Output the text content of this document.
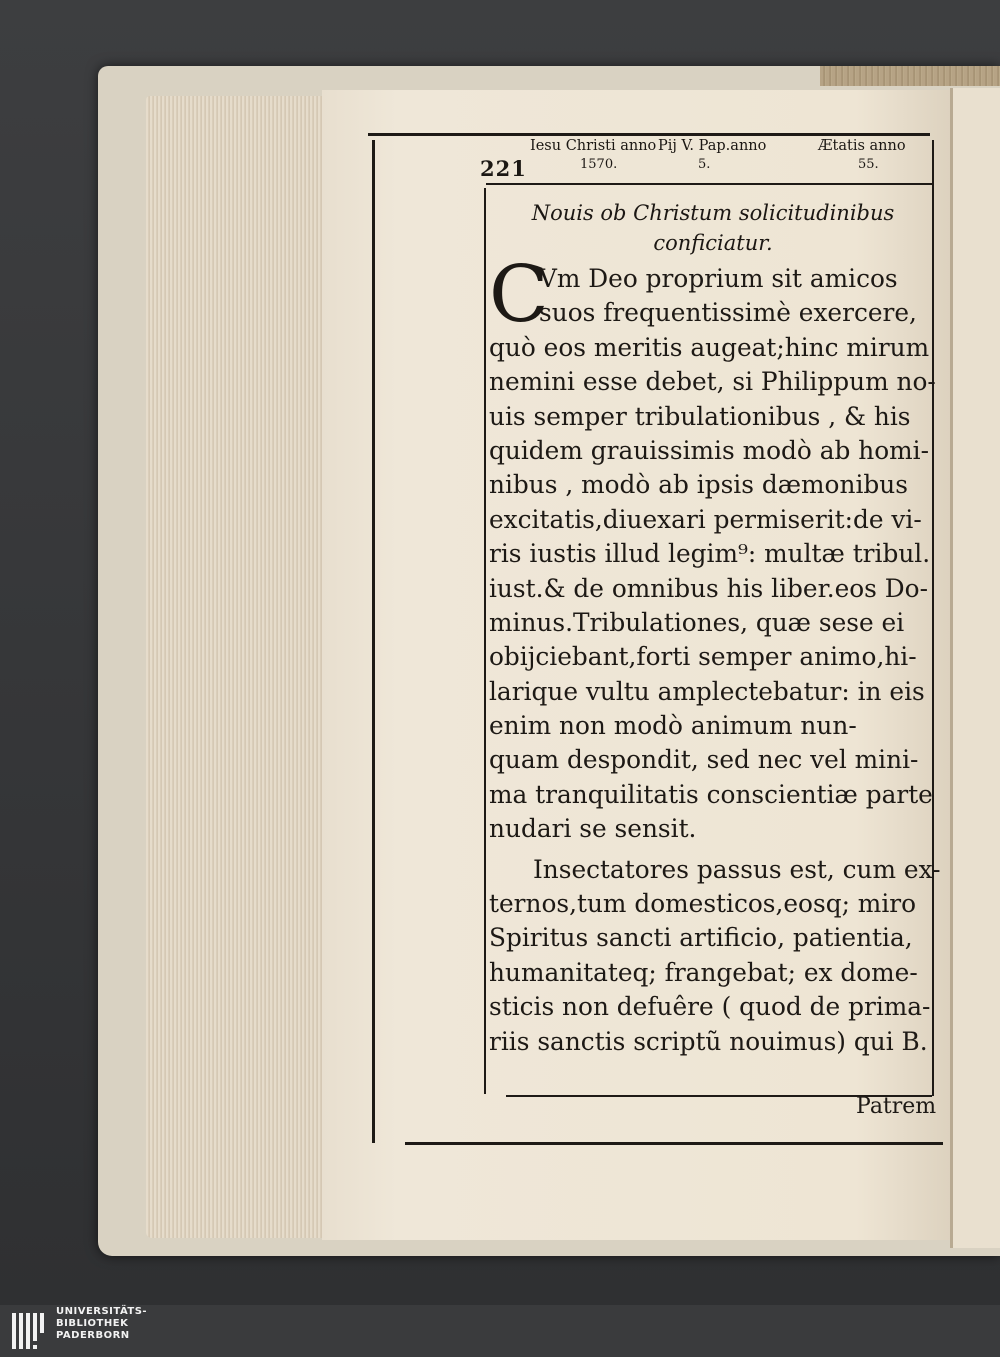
221
Iesu Christi anno
1570.
Pij V. Pap.anno
5.
Ætatis anno
55.
Nouis ob Christum solicitudinibus
conficiatur.
C
Vm Deo proprium sit amicos
suos frequentissimè exercere,
quò eos meritis augeat;hinc mirum
nemini esse debet, si Philippum no-
uis semper tribulationibus , & his
quidem grauissimis modò ab homi-
nibus , modò ab ipsis dæmonibus
excitatis,diuexari permiserit:de vi-
ris iustis illud legim⁹: multæ tribul.
iust.& de omnibus his liber.eos Do-
minus.Tribulationes, quæ sese ei
obijciebant,forti semper animo,hi-
larique vultu amplectebatur: in eis
enim non modò animum nun-
quam despondit, sed nec vel mini-
ma tranquilitatis conscientiæ parte
nudari se sensit.
Insectatores passus est, cum ex-
ternos,tum domesticos,eosq; miro
Spiritus sancti artificio, patientia,
humanitateq; frangebat; ex dome-
sticis non defuêre ( quod de prima-
riis sanctis scriptũ nouimus) qui B.
Patrem
UNIVERSITÄTS-
BIBLIOTHEK
PADERBORN
